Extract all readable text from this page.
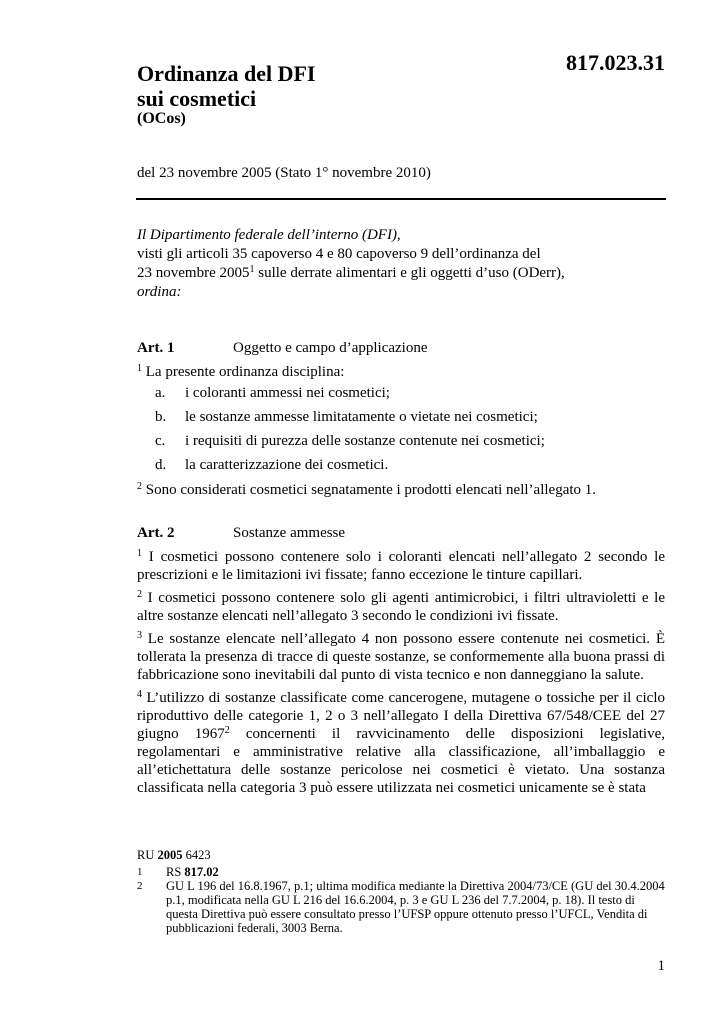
817.023.31
Ordinanza del DFI
sui cosmetici
(OCos)
del 23 novembre 2005 (Stato 1° novembre 2010)
Il Dipartimento federale dell’interno (DFI),
visti gli articoli 35 capoverso 4 e 80 capoverso 9 dell’ordinanza del
23 novembre 2005$^1$ sulle derrate alimentari e gli oggetti d’uso (ODerr),
ordina:
Art. 1	Oggetto e campo d’applicazione

$^1$ La presente ordinanza disciplina:

a.	i coloranti ammessi nei cosmetici;
b.	le sostanze ammesse limitatamente o vietate nei cosmetici;
c.	i requisiti di purezza delle sostanze contenute nei cosmetici;
d.	la caratterizzazione dei cosmetici.

$^2$ Sono considerati cosmetici segnatamente i prodotti elencati nell’allegato 1.

Art. 2	Sostanze ammesse

$^1$ I cosmetici possono contenere solo i coloranti elencati nell’allegato 2 secondo le prescrizioni e le limitazioni ivi fissate; fanno eccezione le tinture capillari.

$^2$ I cosmetici possono contenere solo gli agenti antimicrobici, i filtri ultravioletti e le altre sostanze elencati nell’allegato 3 secondo le condizioni ivi fissate.

$^3$ Le sostanze elencate nell’allegato 4 non possono essere contenute nei cosmetici. È tollerata la presenza di tracce di queste sostanze, se conformemente alla buona prassi di fabbricazione sono inevitabili dal punto di vista tecnico e non danneggiano la salute.

$^4$ L’utilizzo di sostanze classificate come cancerogene, mutagene o tossiche per il ciclo riproduttivo delle categorie 1, 2 o 3 nell’allegato I della Direttiva 67/548/CEE del 27 giugno 1967$^2$ concernenti il ravvicinamento delle disposizioni legislative, regolamentari e amministrative relative alla classificazione, all’imballaggio e all’etichettatura delle sostanze pericolose nei cosmetici è vietato. Una sostanza classificata nella categoria 3 può essere utilizzata nei cosmetici unicamente se è stata

RU 2005 6423
1	RS 817.02
2	GU L 196 del 16.8.1967, p.1; ultima modifica mediante la Direttiva 2004/73/CE (GU del 30.4.2004 p.1, modificata nella GU L 216 del 16.6.2004, p. 3 e GU L 236 del 7.7.2004, p. 18). Il testo di questa Direttiva può essere consultato presso l’UFSP oppure ottenuto presso l’UFCL, Vendita di pubblicazioni federali, 3003 Berna.
1
